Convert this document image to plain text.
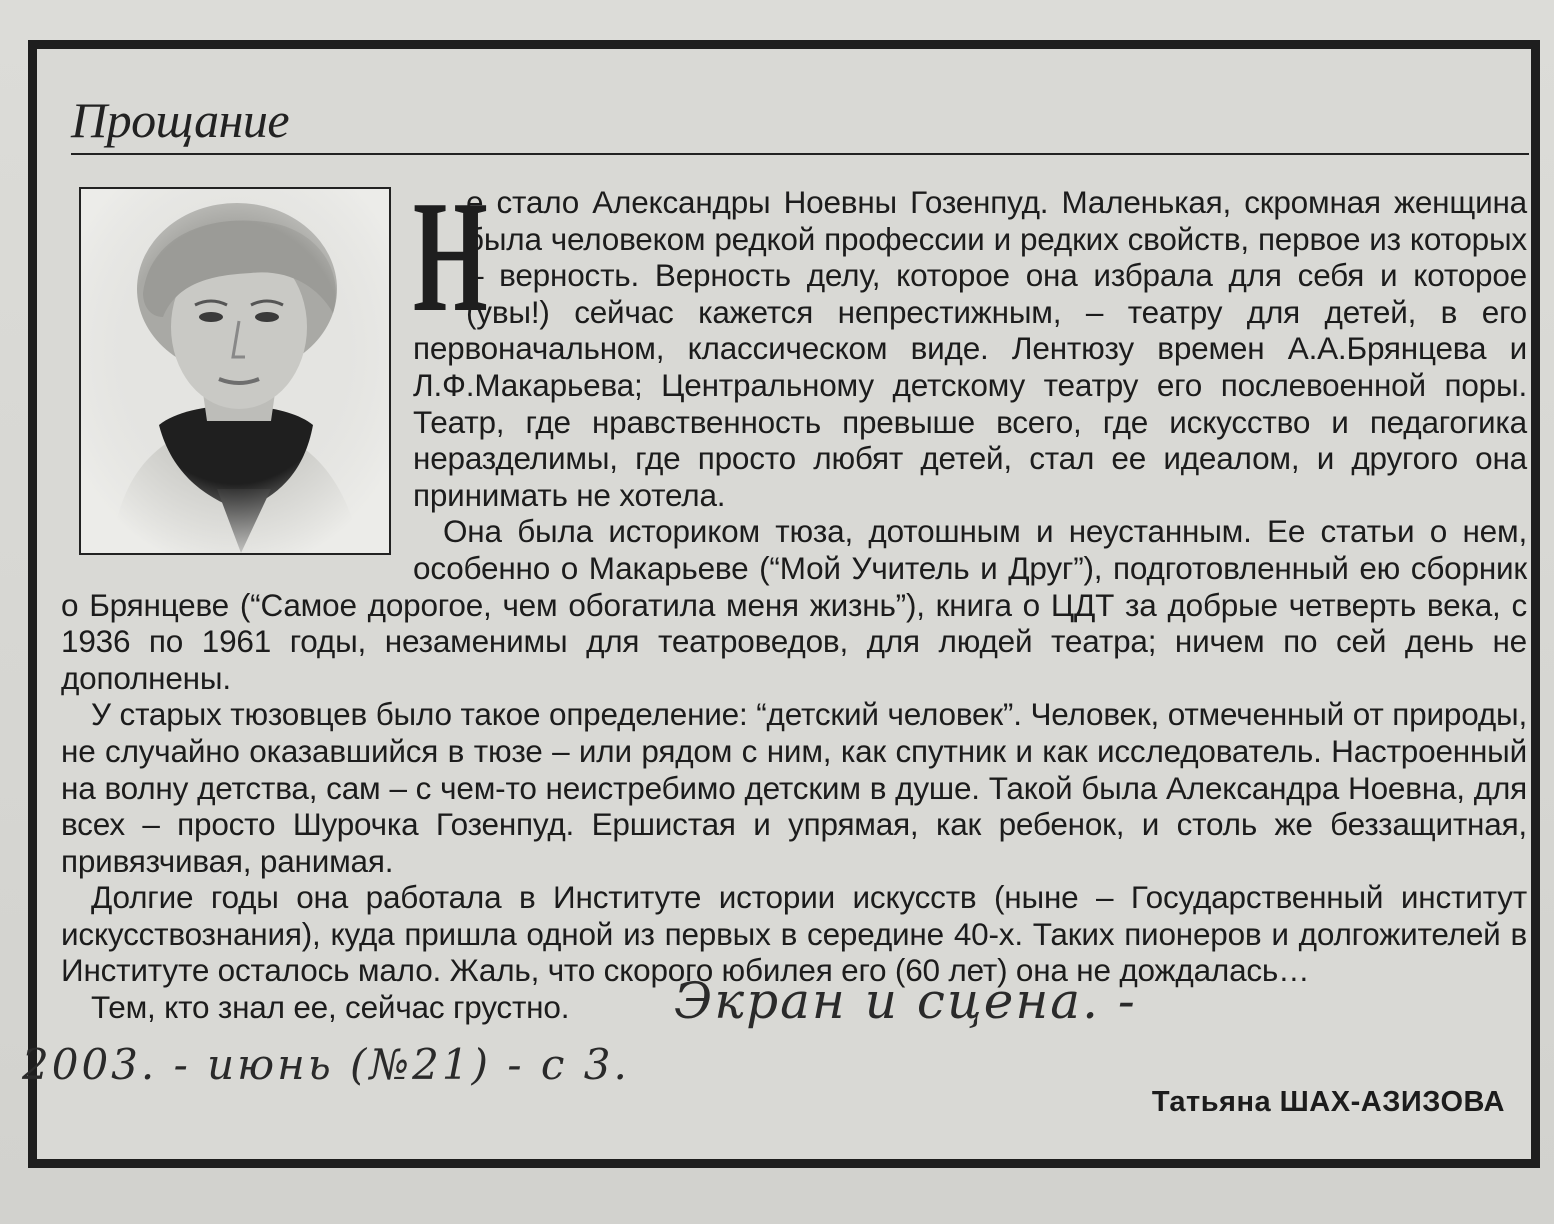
Прощание
Н

е стало Александры Ноевны Гозенпуд. Маленькая, скромная женщина была человеком редкой профессии и редких свойств, первое из которых – верность. Верность делу, которое она избрала для себя и которое (увы!) сейчас кажется непрестижным, – театру для детей, в его первоначальном, классическом виде. Лентюзу времен А.А.Брянцева и Л.Ф.Макарьева; Центральному детскому театру его послевоенной поры. Театр, где нравственность превыше всего, где искусство и педагогика неразделимы, где просто любят детей, стал ее идеалом, и другого она принимать не хотела.

Она была историком тюза, дотошным и неустанным. Ее статьи о нем, особенно о Макарьеве (“Мой Учитель и Друг”), подготовленный ею сборник о Брянцеве (“Самое дорогое, чем обогатила меня жизнь”), книга о ЦДТ за добрые четверть века, с 1936 по 1961 годы, незаменимы для театроведов, для людей театра; ничем по сей день не дополнены.

У старых тюзовцев было такое определение: “детский человек”. Человек, отмеченный от природы, не случайно оказавшийся в тюзе – или рядом с ним, как спутник и как исследователь. Настроенный на волну детства, сам – с чем-то неистребимо детским в душе. Такой была Александра Ноевна, для всех – просто Шурочка Гозенпуд. Ершистая и упрямая, как ребенок, и столь же беззащитная, привязчивая, ранимая.

Долгие годы она работала в Институте истории искусств (ныне – Государственный институт искусствознания), куда пришла одной из первых в середине 40-х. Таких пионеров и долгожителей в Институте осталось мало. Жаль, что скорого юбилея его (60 лет) она не дождалась…

Тем, кто знал ее, сейчас грустно.

Татьяна ШАХ-АЗИЗОВА
Экран и сцена. -
2003. - июнь (№21) - с 3.
